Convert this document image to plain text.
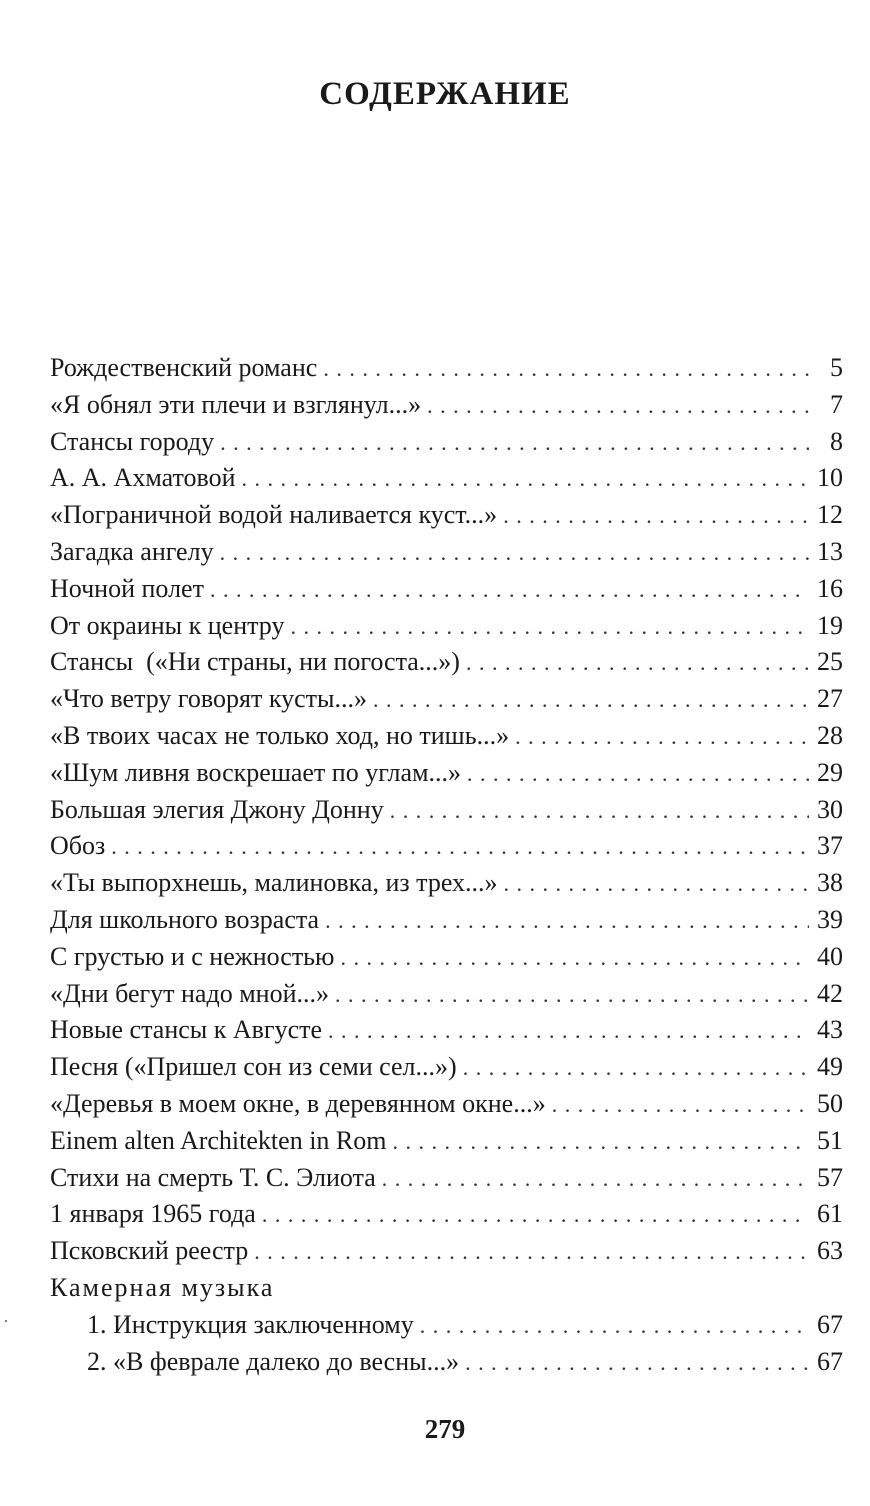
СОДЕРЖАНИЕ
Рождественский романс . . .	5
«Я обнял эти плечи и взглянул...» . . .	7
Стансы городу . . .	8
А. А. Ахматовой . . .	10
«Пограничной водой наливается куст...» . . .	12
Загадка ангелу . . .	13
Ночной полет . . .	16
От окраины к центру . . .	19
Стансы  («Ни страны, ни погоста...») . . .	25
«Что ветру говорят кусты...» . . .	27
«В твоих часах не только ход, но тишь...» . . .	28
«Шум ливня воскрешает по углам...» . . .	29
Большая элегия Джону Донну . . .	30
Обоз . . .	37
«Ты выпорхнешь, малиновка, из трех...» . . .	38
Для школьного возраста . . .	39
С грустью и с нежностью . . .	40
«Дни бегут надо мной...» . . .	42
Новые стансы к Августе . . .	43
Песня («Пришел сон из семи сел...») . . .	49
«Деревья в моем окне, в деревянном окне...» . . .	50
Einem alten Architekten in Rom . . .	51
Стихи на смерть Т. С. Элиота . . .	57
1 января 1965 года . . .	61
Псковский реестр . . .	63
Камерная музыка
1. Инструкция заключенному . . .	67
2. «В феврале далеко до весны...» . . .	67
279
